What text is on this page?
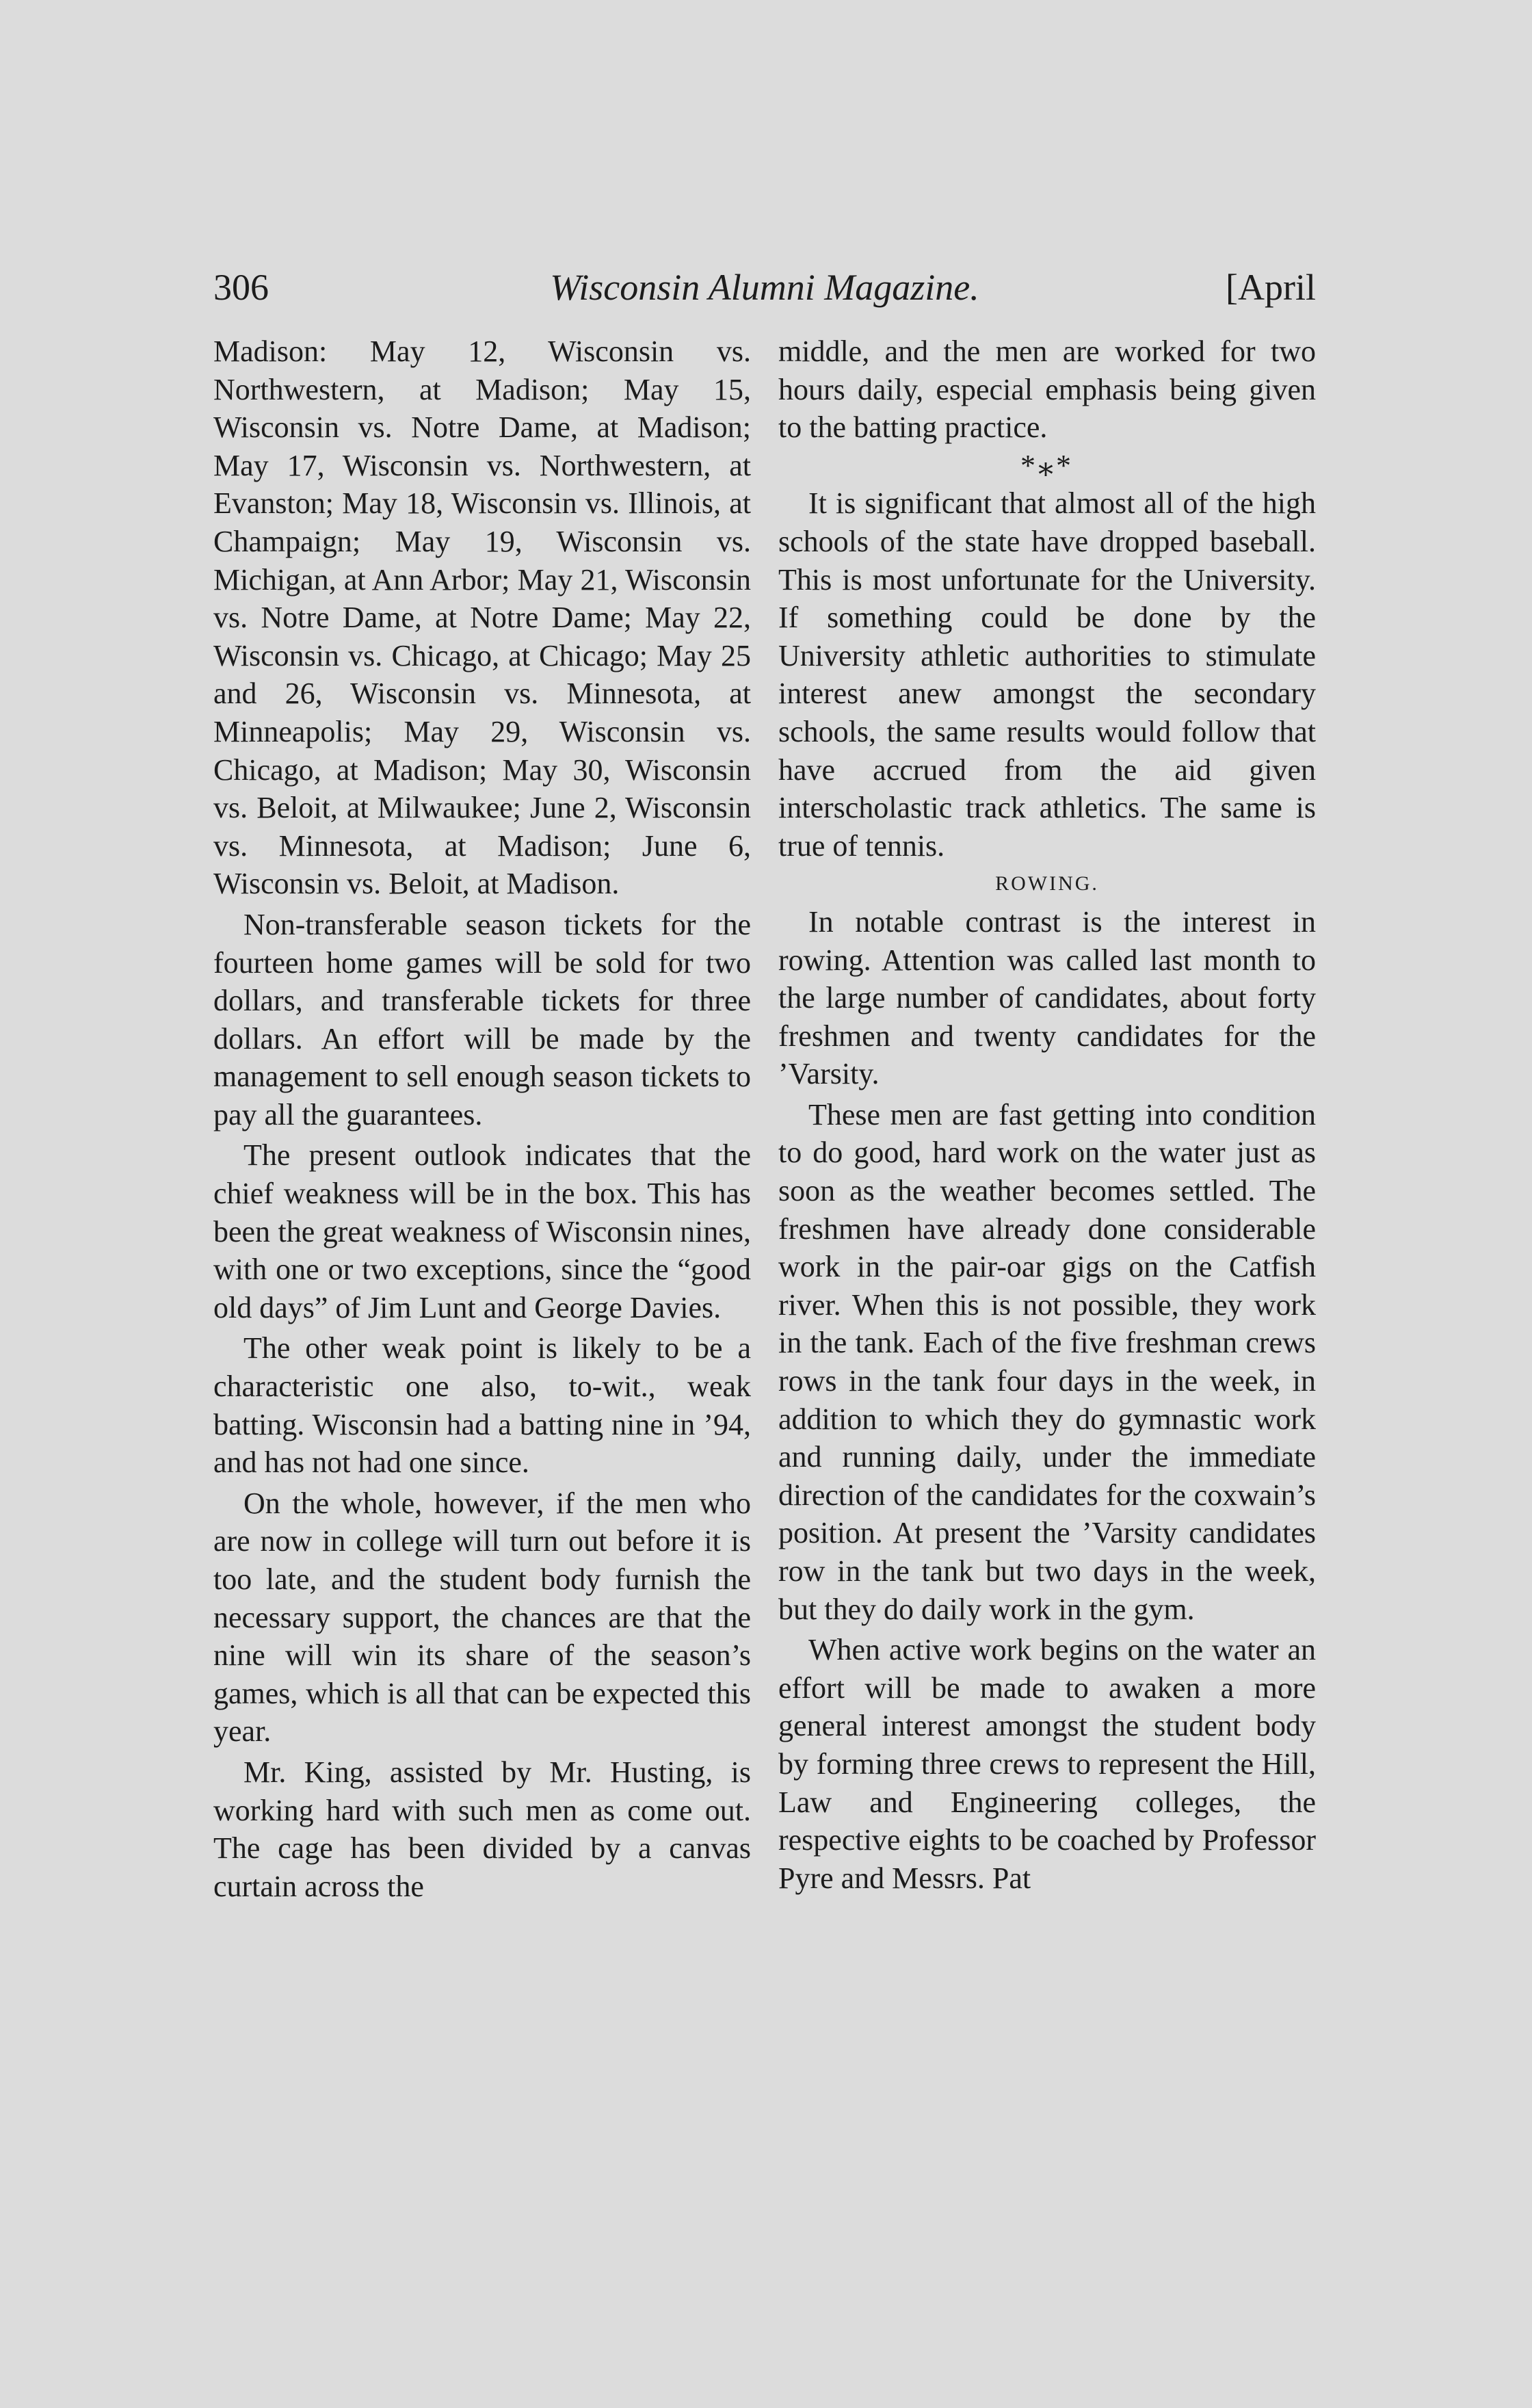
306	Wisconsin Alumni Magazine.	[April

Madison: May 12, Wisconsin vs. Northwestern, at Madison; May 15, Wisconsin vs. Notre Dame, at Madison; May 17, Wisconsin vs. Northwestern, at Evanston; May 18, Wisconsin vs. Illinois, at Champaign; May 19, Wisconsin vs. Michigan, at Ann Arbor; May 21, Wisconsin vs. Notre Dame, at Notre Dame; May 22, Wisconsin vs. Chicago, at Chicago; May 25 and 26, Wisconsin vs. Minnesota, at Minneapolis; May 29, Wisconsin vs. Chicago, at Madison; May 30, Wisconsin vs. Beloit, at Milwaukee; June 2, Wisconsin vs. Minnesota, at Madison; June 6, Wisconsin vs. Beloit, at Madison.

Non-transferable season tickets for the fourteen home games will be sold for two dollars, and transferable tickets for three dollars. An effort will be made by the management to sell enough season tickets to pay all the guarantees.

The present outlook indicates that the chief weakness will be in the box. This has been the great weakness of Wisconsin nines, with one or two exceptions, since the “good old days” of Jim Lunt and George Davies.

The other weak point is likely to be a characteristic one also, to-wit., weak batting. Wisconsin had a batting nine in ’94, and has not had one since.

On the whole, however, if the men who are now in college will turn out before it is too late, and the student body furnish the necessary support, the chances are that the nine will win its share of the season’s games, which is all that can be expected this year.

Mr. King, assisted by Mr. Husting, is working hard with such men as come out. The cage has been divided by a canvas curtain across the

middle, and the men are worked for two hours daily, especial emphasis being given to the batting practice.

*⁎*

It is significant that almost all of the high schools of the state have dropped baseball. This is most unfortunate for the University. If something could be done by the University athletic authorities to stimulate interest anew amongst the secondary schools, the same results would follow that have accrued from the aid given interscholastic track athletics. The same is true of tennis.

ROWING.

In notable contrast is the interest in rowing. Attention was called last month to the large number of candidates, about forty freshmen and twenty candidates for the ’Varsity.

These men are fast getting into condition to do good, hard work on the water just as soon as the weather becomes settled. The freshmen have already done considerable work in the pair-oar gigs on the Catfish river. When this is not possible, they work in the tank. Each of the five freshman crews rows in the tank four days in the week, in addition to which they do gymnastic work and running daily, under the immediate direction of the candidates for the coxwain’s position. At present the ’Varsity candidates row in the tank but two days in the week, but they do daily work in the gym.

When active work begins on the water an effort will be made to awaken a more general interest amongst the student body by forming three crews to represent the Hill, Law and Engineering colleges, the respective eights to be coached by Professor Pyre and Messrs. Pat
